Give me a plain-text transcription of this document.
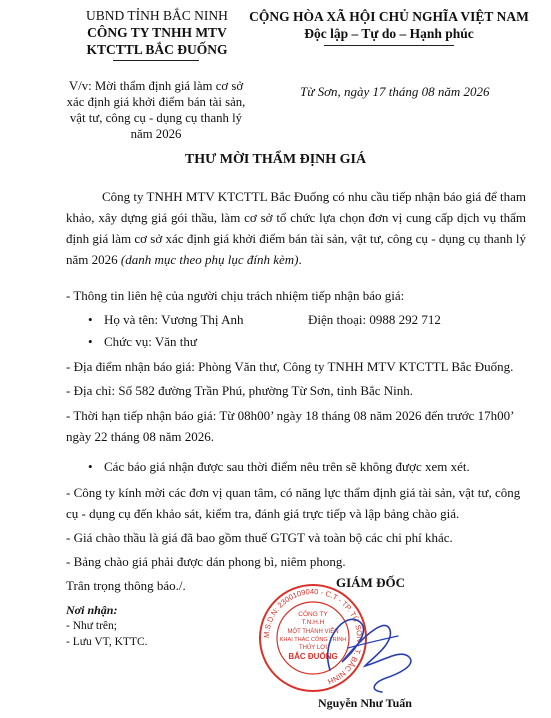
UBND TỈNH BẮC NINH
CÔNG TY TNHH MTV
KTCTTL BẮC ĐUỐNG
CỘNG HÒA XÃ HỘI CHỦ NGHĨA VIỆT NAM
Độc lập – Tự do – Hạnh phúc
V/v: Mời thẩm định giá làm cơ sở
xác định giá khởi điểm bán tài sản,
vật tư, công cụ - dụng cụ thanh lý
năm 2026
Từ Sơn, ngày 17 tháng 08 năm 2026
THƯ MỜI THẨM ĐỊNH GIÁ
Công ty TNHH MTV KTCTTL Bắc Đuống có nhu cầu tiếp nhận báo giá để tham khảo, xây dựng giá gói thầu, làm cơ sở tổ chức lựa chọn đơn vị cung cấp dịch vụ thẩm định giá làm cơ sở xác định giá khởi điểm bán tài sản, vật tư, công cụ - dụng cụ thanh lý năm 2026 (danh mục theo phụ lục đính kèm).
- Thông tin liên hệ của người chịu trách nhiệm tiếp nhận báo giá:
• Họ và tên: Vương Thị Anh	Điện thoại: 0988 292 712
• Chức vụ: Văn thư
- Địa điểm nhận báo giá: Phòng Văn thư, Công ty TNHH MTV KTCTTL Bắc Đuống.
- Địa chỉ: Số 582 đường Trần Phú, phường Từ Sơn, tỉnh Bắc Ninh.
- Thời hạn tiếp nhận báo giá: Từ 08h00’ ngày 18 tháng 08 năm 2026 đến trước 17h00’
ngày 22 tháng 08 năm 2026.
• Các báo giá nhận được sau thời điểm nêu trên sẽ không được xem xét.
- Công ty kính mời các đơn vị quan tâm, có năng lực thẩm định giá tài sản, vật tư, công
cụ - dụng cụ đến khảo sát, kiểm tra, đánh giá trực tiếp và lập bảng chào giá.
- Giá chào thầu là giá đã bao gồm thuế GTGT và toàn bộ các chi phí khác.
- Bảng chào giá phải được dán phong bì, niêm phong.
Trân trọng thông báo./.
Nơi nhận:
- Như trên;
- Lưu VT, KTTC.
GIÁM ĐỐC
M.S.D.N: 2300109040 - C.T - TP. TỪ SƠN - T. BẮC NINH
CÔNG TY
T.N.H.H
MỘT THÀNH VIÊN
KHAI THÁC CÔNG TRÌNH
THỦY LỢI
BẮC ĐUỐNG
Nguyễn Như Tuấn
